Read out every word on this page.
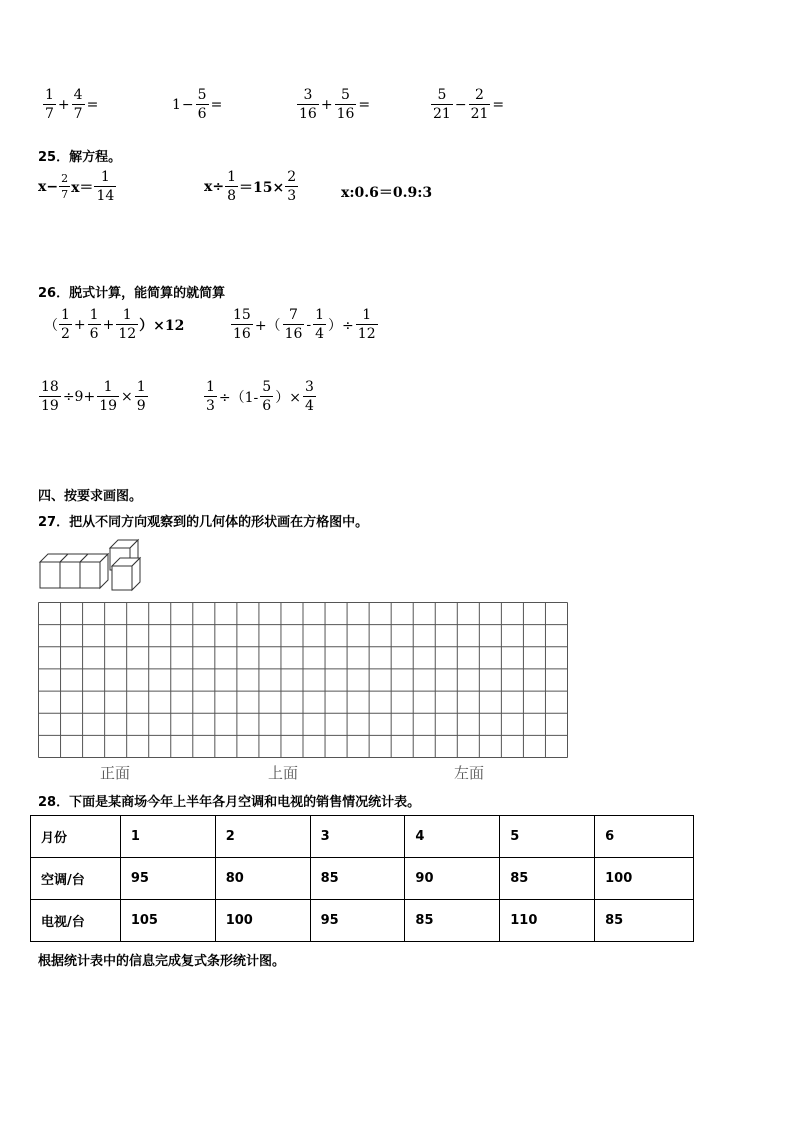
$\frac{1}{7} + \frac{4}{7}$ =	$1 - \frac{5}{6}$ =	$\frac{3}{16} + \frac{5}{16}$ =	$\frac{5}{21} - \frac{2}{21}$ =
25．解方程。
$x- \frac{2}{7} x= \frac{1}{14}$	$x\div \frac{1}{8} =15\times \frac{2}{3}$	x:0.6＝0.9:3
26．脱式计算，能简算的就简算
（ $\frac{1}{2} + \frac{1}{6} + \frac{1}{12} )\times 12$	$\frac{15}{16}$ +（ $\frac{7}{16} - \frac{1}{4}$ ）÷ $\frac{1}{12}$
$\frac{18}{19} \div 9+ \frac{1}{19} \times \frac{1}{9}$	$\frac{1}{3} \div(1- \frac{5}{6}$ ）× $\frac{3}{4}$
四、按要求画图。
27．把从不同方向观察到的几何体的形状画在方格图中。
正面	上面	左面
28．下面是某商场今年上半年各月空调和电视的销售情况统计表。
月份	1	2	3	4	5	6
空调/台	95	80	85	90	85	100
电视/台	105	100	95	85	110	85
根据统计表中的信息完成复式条形统计图。
